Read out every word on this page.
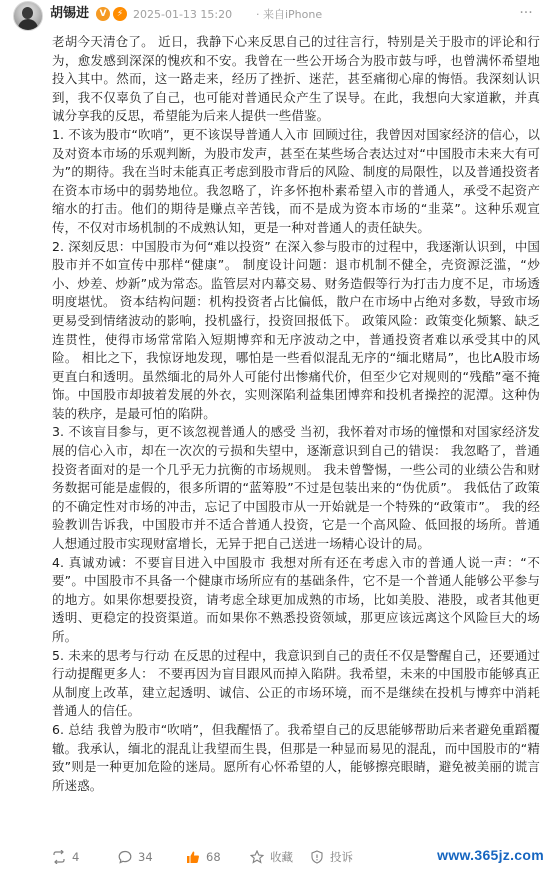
胡锡进	V	⚡ 2025-01-13 15:20 · 来自iPhone	···

老胡今天清仓了。 近日，我静下心来反思自己的过往言行，特别是关于股市的评论和行为，愈发感到深深的愧疚和不安。我曾在一些公开场合为股市鼓与呼，也曾满怀希望地投入其中。然而，这一路走来，经历了挫折、迷茫，甚至痛彻心扉的悔悟。我深刻认识到，我不仅辜负了自己，也可能对普通民众产生了误导。在此，我想向大家道歉，并真诚分享我的反思，希望能为后来人提供一些借鉴。

1. 不该为股市“吹哨”，更不该误导普通人入市 回顾过往，我曾因对国家经济的信心，以及对资本市场的乐观判断，为股市发声，甚至在某些场合表达过对“中国股市未来大有可为”的期待。我在当时未能真正考虑到股市背后的风险、制度的局限性，以及普通投资者在资本市场中的弱势地位。我忽略了，许多怀抱朴素希望入市的普通人，承受不起资产缩水的打击。他们的期待是赚点辛苦钱，而不是成为资本市场的“韭菜”。这种乐观宣传，不仅对市场机制的不成熟认知，更是一种对普通人的责任缺失。

2. 深刻反思：中国股市为何“难以投资” 在深入参与股市的过程中，我逐渐认识到，中国股市并不如宣传中那样“健康”。 制度设计问题：退市机制不健全，壳资源泛滥，“炒小、炒差、炒新”成为常态。监管层对内幕交易、财务造假等行为打击力度不足，市场透明度堪忧。 资本结构问题：机构投资者占比偏低，散户在市场中占绝对多数，导致市场更易受到情绪波动的影响，投机盛行，投资回报低下。 政策风险：政策变化频繁、缺乏连贯性，使得市场常常陷入短期博弈和无序波动之中，普通投资者难以承受其中的风险。 相比之下，我惊讶地发现，哪怕是一些看似混乱无序的“缅北赌局”，也比A股市场更直白和透明。虽然缅北的局外人可能付出惨痛代价，但至少它对规则的“残酷”毫不掩饰。中国股市却披着发展的外衣，实则深陷利益集团博弈和投机者操控的泥潭。这种伪装的秩序，是最可怕的陷阱。

3. 不该盲目参与，更不该忽视普通人的感受 当初，我怀着对市场的憧憬和对国家经济发展的信心入市，却在一次次的亏损和失望中，逐渐意识到自己的错误： 我忽略了，普通投资者面对的是一个几乎无力抗衡的市场规则。 我未曾警惕，一些公司的业绩公告和财务数据可能是虚假的，很多所谓的“蓝筹股”不过是包装出来的“伪优质”。 我低估了政策的不确定性对市场的冲击，忘记了中国股市从一开始就是一个特殊的“政策市”。 我的经验教训告诉我，中国股市并不适合普通人投资，它是一个高风险、低回报的场所。普通人想通过股市实现财富增长，无异于把自己送进一场精心设计的局。

4. 真诚劝诫：不要盲目进入中国股市 我想对所有还在考虑入市的普通人说一声：“不要”。中国股市不具备一个健康市场所应有的基础条件，它不是一个普通人能够公平参与的地方。如果你想要投资，请考虑全球更加成熟的市场，比如美股、港股，或者其他更透明、更稳定的投资渠道。而如果你不熟悉投资领域，那更应该远离这个风险巨大的场所。

5. 未来的思考与行动 在反思的过程中，我意识到自己的责任不仅是警醒自己，还要通过行动提醒更多人： 不要再因为盲目跟风而掉入陷阱。我希望，未来的中国股市能够真正从制度上改革，建立起透明、诚信、公正的市场环境，而不是继续在投机与博弈中消耗普通人的信任。

6. 总结 我曾为股市“吹哨”，但我醒悟了。我希望自己的反思能够帮助后来者避免重蹈覆辙。我承认，缅北的混乱让我望而生畏，但那是一种显而易见的混乱，而中国股市的“精致”则是一种更加危险的迷局。愿所有心怀希望的人，能够擦亮眼睛，避免被美丽的谎言所迷惑。

4	34	68	收藏	投诉	www.365jz.com
